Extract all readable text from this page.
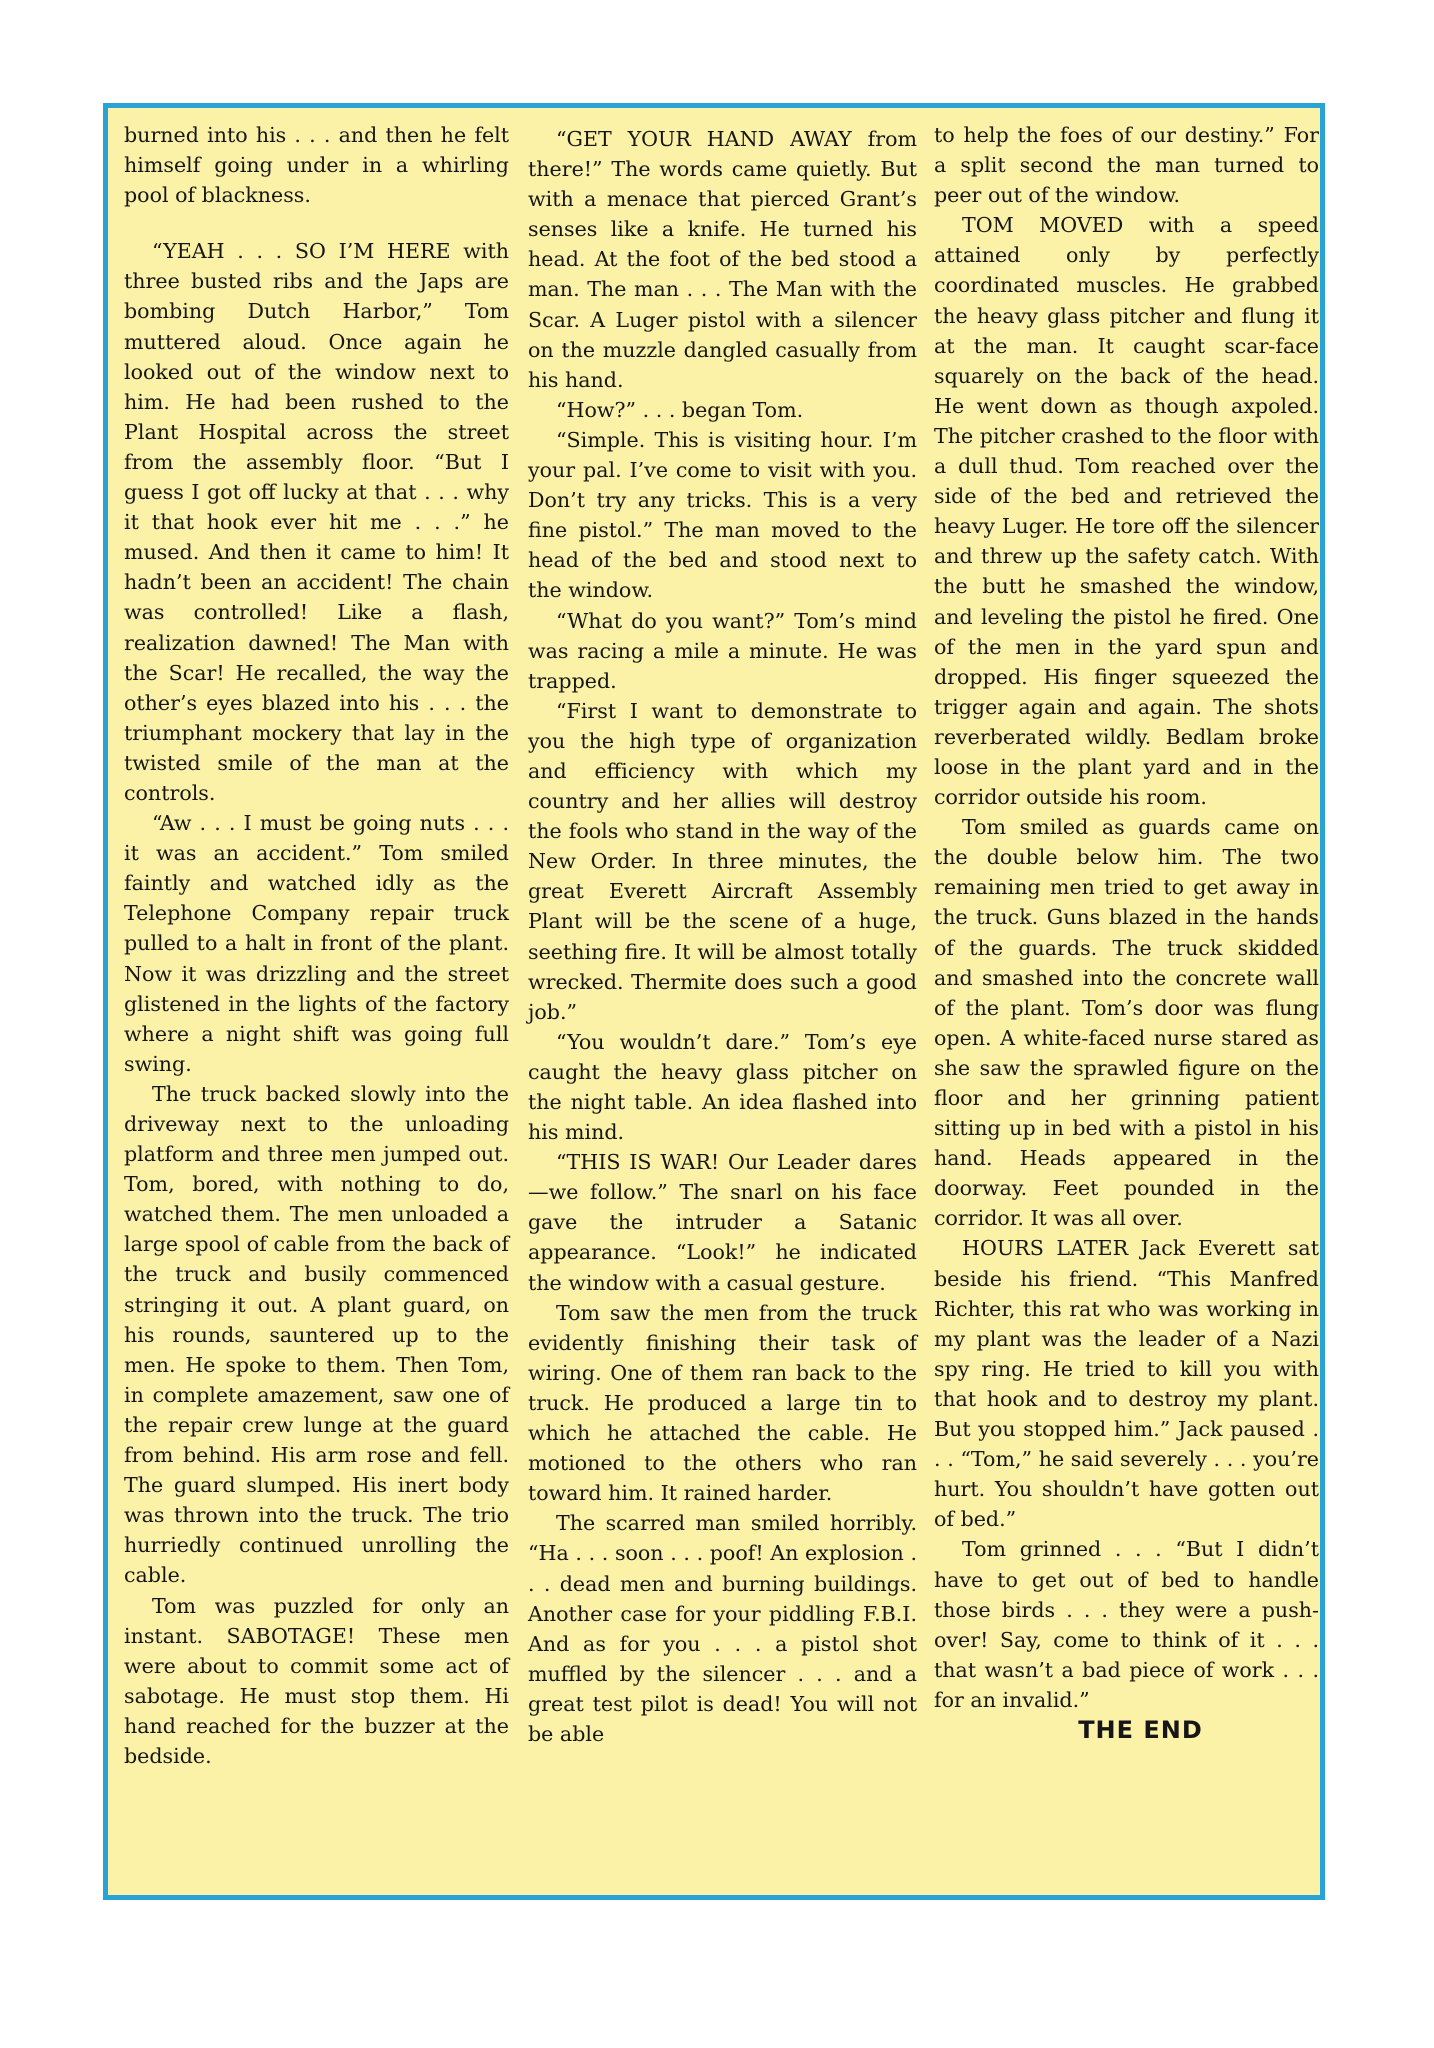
burned into his . . . and then he felt himself going under in a whirling pool of blackness.

“YEAH . . . SO I’M HERE with three busted ribs and the Japs are bombing Dutch Harbor,” Tom muttered aloud. Once again he looked out of the window next to him. He had been rushed to the Plant Hospital across the street from the assembly floor. “But I guess I got off lucky at that . . . why it that hook ever hit me . . .” he mused. And then it came to him! It hadn’t been an accident! The chain was controlled! Like a flash, realization dawned! The Man with the Scar! He recalled, the way the other’s eyes blazed into his . . . the triumphant mockery that lay in the twisted smile of the man at the controls.

“Aw . . . I must be going nuts . . . it was an accident.” Tom smiled faintly and watched idly as the Telephone Company repair truck pulled to a halt in front of the plant. Now it was drizzling and the street glistened in the lights of the factory where a night shift was going full swing.

The truck backed slowly into the driveway next to the unloading platform and three men jumped out. Tom, bored, with nothing to do, watched them. The men unloaded a large spool of cable from the back of the truck and busily commenced stringing it out. A plant guard, on his rounds, sauntered up to the men. He spoke to them. Then Tom, in complete amazement, saw one of the repair crew lunge at the guard from behind. His arm rose and fell. The guard slumped. His inert body was thrown into the truck. The trio hurriedly continued unrolling the cable.

Tom was puzzled for only an instant. SABOTAGE! These men were about to commit some act of sabotage. He must stop them. Hi hand reached for the buzzer at the bedside.

“GET YOUR HAND AWAY from there!” The words came quietly. But with a menace that pierced Grant’s senses like a knife. He turned his head. At the foot of the bed stood a man. The man . . . The Man with the Scar. A Luger pistol with a silencer on the muzzle dangled casually from his hand.

“How?” . . . began Tom.

“Simple. This is visiting hour. I’m your pal. I’ve come to visit with you. Don’t try any tricks. This is a very fine pistol.” The man moved to the head of the bed and stood next to the window.

“What do you want?” Tom’s mind was racing a mile a minute. He was trapped.

“First I want to demonstrate to you the high type of organization and efficiency with which my country and her allies will destroy the fools who stand in the way of the New Order. In three minutes, the great Everett Aircraft Assembly Plant will be the scene of a huge, seething fire. It will be almost totally wrecked. Thermite does such a good job.”

“You wouldn’t dare.” Tom’s eye caught the heavy glass pitcher on the night table. An idea flashed into his mind.

“THIS IS WAR! Our Leader dares—we follow.” The snarl on his face gave the intruder a Satanic appearance. “Look!” he indicated the window with a casual gesture.

Tom saw the men from the truck evidently finishing their task of wiring. One of them ran back to the truck. He produced a large tin to which he attached the cable. He motioned to the others who ran toward him. It rained harder.

The scarred man smiled horribly. “Ha . . . soon . . . poof! An explosion . . . dead men and burning buildings. Another case for your piddling F.B.I. And as for you . . . a pistol shot muffled by the silencer . . . and a great test pilot is dead! You will not be able

to help the foes of our destiny.” For a split second the man turned to peer out of the window.

TOM MOVED with a speed attained only by perfectly coordinated muscles. He grabbed the heavy glass pitcher and flung it at the man. It caught scar-face squarely on the back of the head. He went down as though axpoled. The pitcher crashed to the floor with a dull thud. Tom reached over the side of the bed and retrieved the heavy Luger. He tore off the silencer and threw up the safety catch. With the butt he smashed the window, and leveling the pistol he fired. One of the men in the yard spun and dropped. His finger squeezed the trigger again and again. The shots reverberated wildly. Bedlam broke loose in the plant yard and in the corridor outside his room.

Tom smiled as guards came on the double below him. The two remaining men tried to get away in the truck. Guns blazed in the hands of the guards. The truck skidded and smashed into the concrete wall of the plant. Tom’s door was flung open. A white-faced nurse stared as she saw the sprawled figure on the floor and her grinning patient sitting up in bed with a pistol in his hand. Heads appeared in the doorway. Feet pounded in the corridor. It was all over.

HOURS LATER Jack Everett sat beside his friend. “This Manfred Richter, this rat who was working in my plant was the leader of a Nazi spy ring. He tried to kill you with that hook and to destroy my plant. But you stopped him.” Jack paused . . . “Tom,” he said severely . . . you’re hurt. You shouldn’t have gotten out of bed.”

Tom grinned . . . “But I didn’t have to get out of bed to handle those birds . . . they were a push-over! Say, come to think of it . . . that wasn’t a bad piece of work . . . for an invalid.”

THE END
